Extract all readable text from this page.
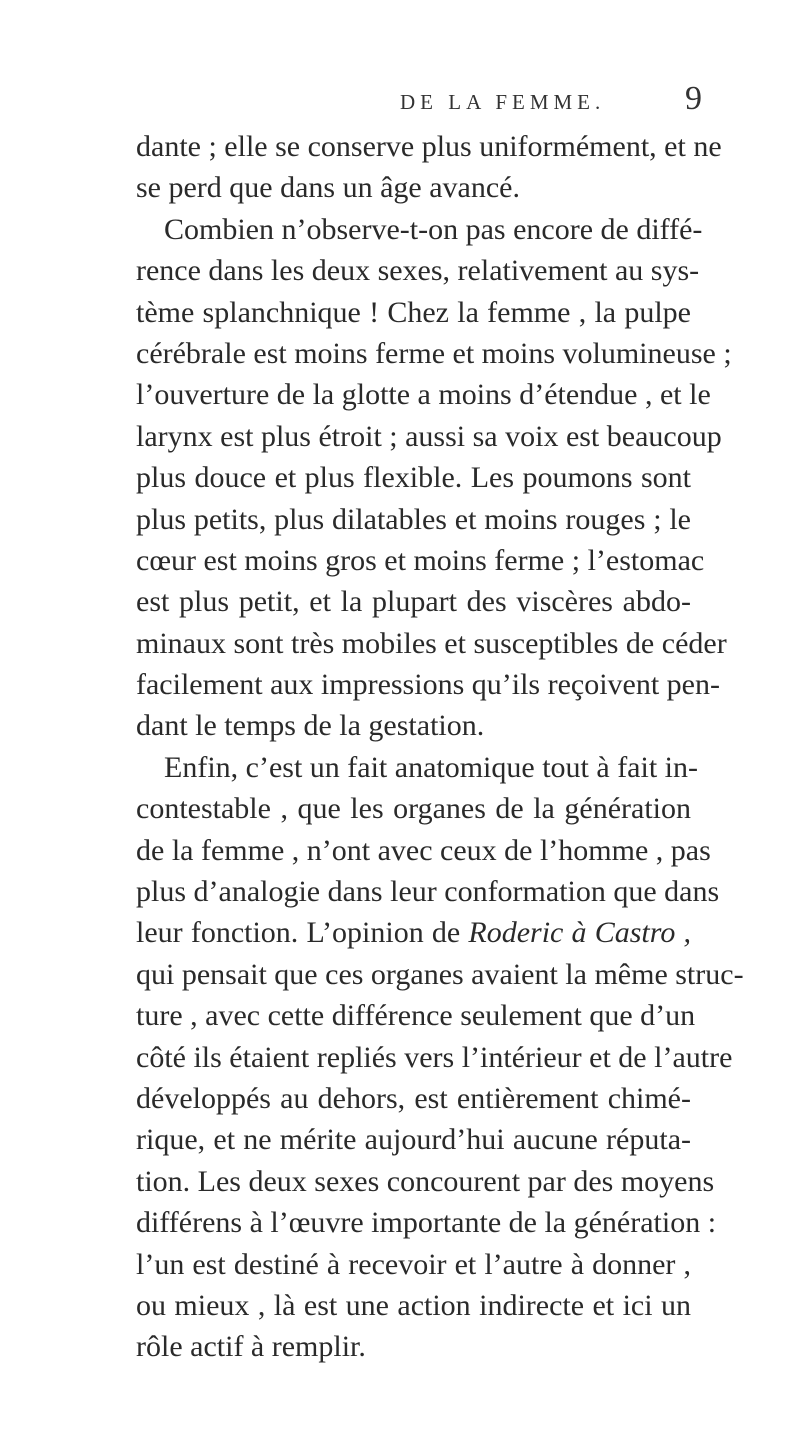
DE LA FEMME. 9
dante ; elle se conserve plus uniformément, et ne
se perd que dans un âge avancé.
Combien n’observe-t-on pas encore de diffé-
rence dans les deux sexes, relativement au sys-
tème splanchnique ! Chez la femme , la pulpe
cérébrale est moins ferme et moins volumineuse ;
l’ouverture de la glotte a moins d’étendue , et le
larynx est plus étroit ; aussi sa voix est beaucoup
plus douce et plus flexible. Les poumons sont
plus petits, plus dilatables et moins rouges ; le
cœur est moins gros et moins ferme ; l’estomac
est plus petit, et la plupart des viscères abdo-
minaux sont très mobiles et susceptibles de céder
facilement aux impressions qu’ils reçoivent pen-
dant le temps de la gestation.
Enfin, c’est un fait anatomique tout à fait in-
contestable , que les organes de la génération
de la femme , n’ont avec ceux de l’homme , pas
plus d’analogie dans leur conformation que dans
leur fonction. L’opinion de Roderic à Castro ,
qui pensait que ces organes avaient la même struc-
ture , avec cette différence seulement que d’un
côté ils étaient repliés vers l’intérieur et de l’autre
développés au dehors, est entièrement chimé-
rique, et ne mérite aujourd’hui aucune réputa-
tion. Les deux sexes concourent par des moyens
différens à l’œuvre importante de la génération :
l’un est destiné à recevoir et l’autre à donner ,
ou mieux , là est une action indirecte et ici un
rôle actif à remplir.
